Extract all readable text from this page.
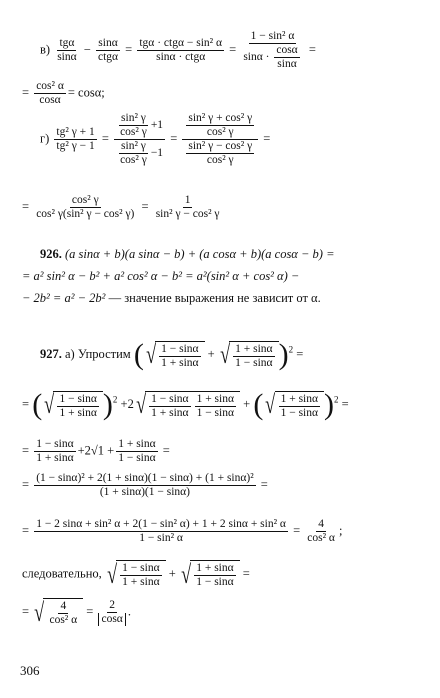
$в) \frac{\text{tgα}}{\sin\alpha} - \frac{\sin\alpha}{\text{ctgα}} = \frac{\text{tgα · ctgα − sin² α}}{\text{sinα · ctgα}} = \frac{\text{1 − sin² α}}{\sin\alpha \cdot \frac{\cos\alpha}{\sin\alpha}}$ =
= $\frac{\text{cos² α}}{\cos\alpha} = \cos\alpha$;
$г) \frac{\text{tg² γ + 1}}{\text{tg² γ − 1}} = \frac{\frac{\text{sin² γ}}{\text{cos² γ}} +1}{\frac{\text{sin² γ}}{\text{cos² γ}} -1} = \frac{\frac{\text{sin² γ + cos² γ}}{\text{cos² γ}}}{\frac{\text{sin² γ − cos² γ}}{\text{cos² γ}}}$ =
= $\frac{\text{cos² γ}}{\text{cos² γ(sin² γ − cos² γ)}} = \frac{1}{\text{sin² γ − cos² γ}}$
926. (a sinα + b)(a sinα − b) + (a cosα + b)(a cosα − b) =
= a² sin² α − b² + a² cos² α − b² = a²(sin² α + cos² α) −
− 2b² = a² − 2b² — значение выражения не зависит от α.
927. а) Упростим ( √ $\frac{1 - \sin\alpha}{1 + \sin\alpha}$ + √ $\frac{1 + \sin\alpha}{1 - \sin\alpha} )^2$ =
= ( √ $\frac{1 - \sin\alpha}{1 + \sin\alpha} )^2 +2$ √ $\frac{1 - \sin\alpha}{1 + \sin\alpha} \frac{1 + \sin\alpha}{1 - \sin\alpha}$ + ( √ $\frac{1 + \sin\alpha}{1 - \sin\alpha} )^2$ =
= $\frac{1 - \sin\alpha}{1 + \sin\alpha} +2√1 + \frac{1 + \sin\alpha}{1 - \sin\alpha}$ =
= $\frac{\text{(1 − sinα)² + 2(1 + sinα)(1 − sinα) + (1 + sinα)²}}{(1 + \sin\alpha)(1 - \sin\alpha)}$ =
= $\frac{\text{1 − 2 sinα + sin² α + 2(1 − sin² α) + 1 + 2 sinα + sin² α}}{\text{1 − sin² α}} = \frac{4}{\text{cos² α}}$ ;
следовательно, √ $\frac{1 - \sin\alpha}{1 + \sin\alpha}$ + √ $\frac{1 + \sin\alpha}{1 - \sin\alpha}$ =
= √ $\frac{4}{\text{cos² α}} = \frac{2}{\cos\alpha}$ .
306
